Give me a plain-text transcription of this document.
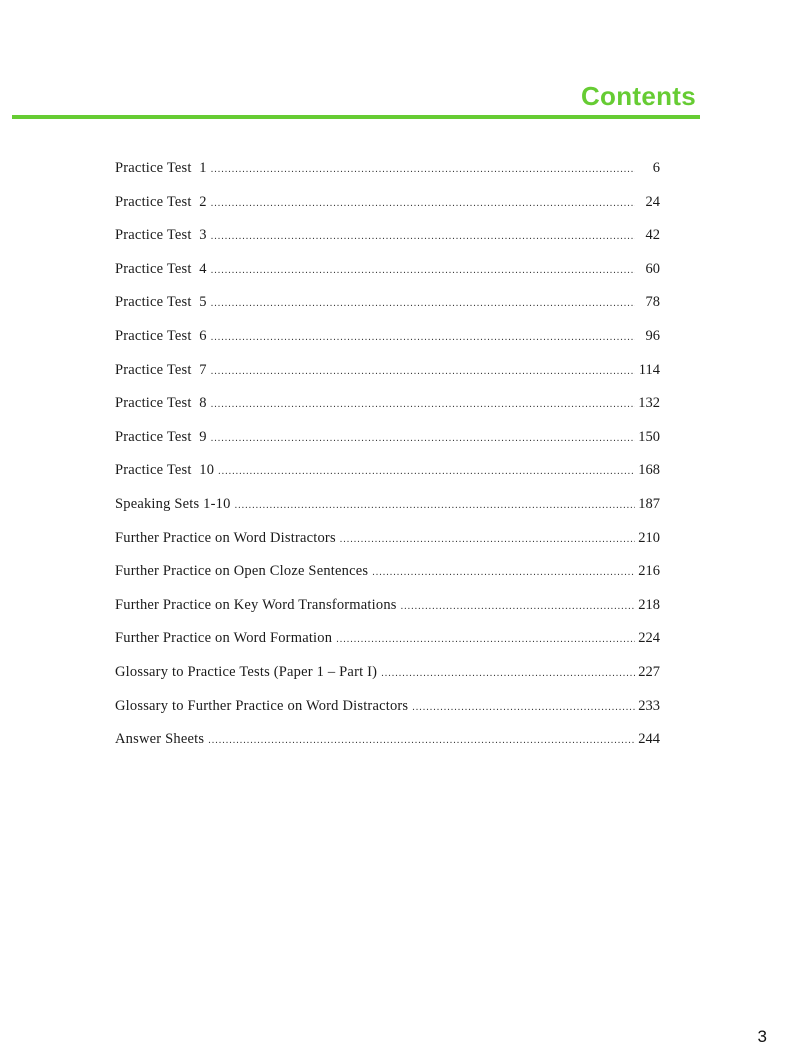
Contents
Practice Test  1 .....	6
Practice Test  2 .....	24
Practice Test  3 .....	42
Practice Test  4 .....	60
Practice Test  5 .....	78
Practice Test  6 .....	96
Practice Test  7 .....	114
Practice Test  8 .....	132
Practice Test  9 .....	150
Practice Test  10 .....	168
Speaking Sets 1-10 .....	187
Further Practice on Word Distractors .....	210
Further Practice on Open Cloze Sentences .....	216
Further Practice on Key Word Transformations .....	218
Further Practice on Word Formation .....	224
Glossary to Practice Tests (Paper 1 – Part I) .....	227
Glossary to Further Practice on Word Distractors .....	233
Answer Sheets .....	244

3
